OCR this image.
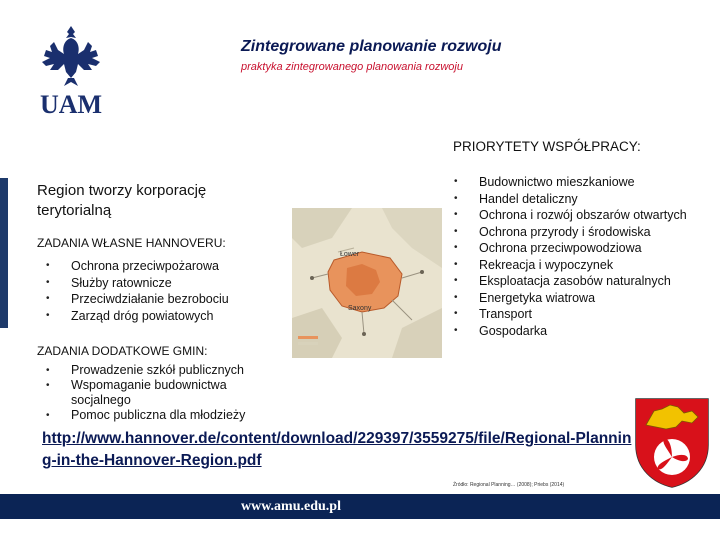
UAM
Zintegrowane planowanie rozwoju
praktyka zintegrowanego planowania rozwoju
Region tworzy korporację terytorialną
ZADANIA WŁASNE HANNOVERU:
• Ochrona przeciwpożarowa
• Służby ratownicze
• Przeciwdziałanie bezrobociu
• Zarząd dróg powiatowych
ZADANIA DODATKOWE GMIN:
• Prowadzenie szkół publicznych
• Wspomaganie budownictwa socjalnego
• Pomoc publiczna dla młodzieży
Łower
Saxony
PRIORYTETY WSPÓŁPRACY:
• Budownictwo mieszkaniowe
• Handel detaliczny
• Ochrona i rozwój obszarów otwartych
• Ochrona przyrody i środowiska
• Ochrona przeciwpowodziowa
• Rekreacja i wypoczynek
• Eksploatacja zasobów naturalnych
• Energetyka wiatrowa
• Transport
• Gospodarka
http://www.hannover.de/content/download/229397/3559275/file/Regional-Planning-in-the-Hannover-Region.pdf
Źródło: Regional Planning… (2008); Priebs (2014)
www.amu.edu.pl
